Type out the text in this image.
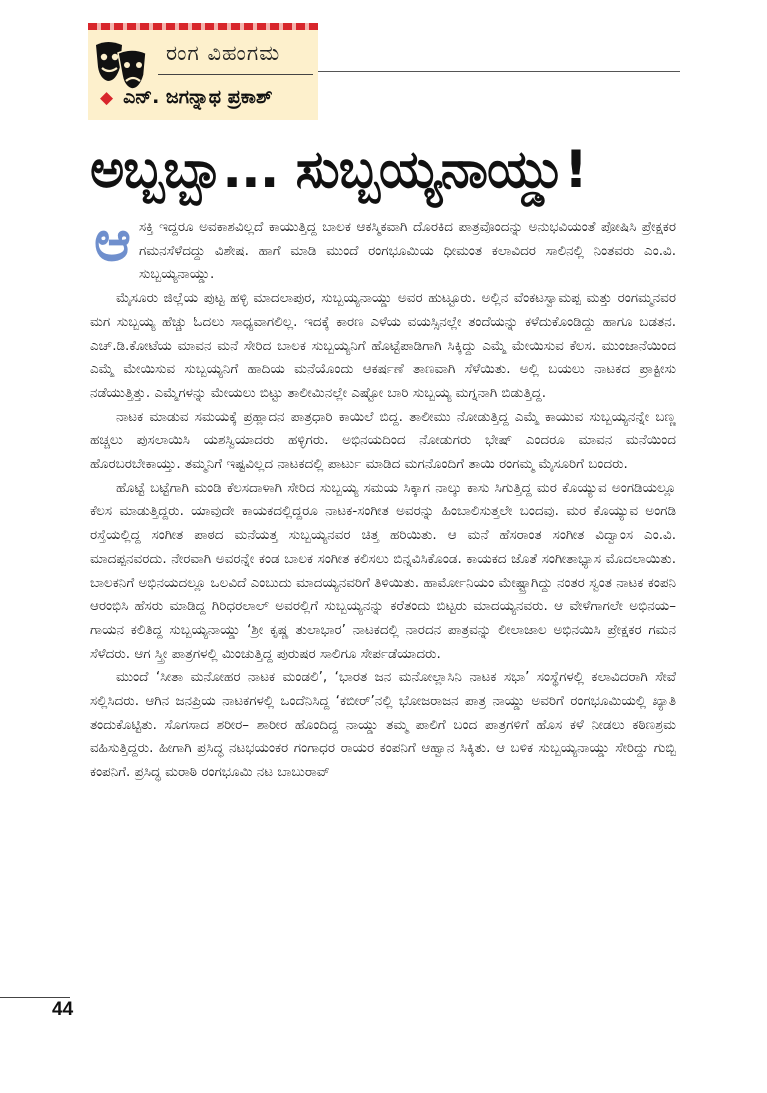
ರಂಗ ವಿಹಂಗಮ
◆ ಎನ್. ಜಗನ್ನಾಥ ಪ್ರಕಾಶ್
ಅಬ್ಬಬ್ಬಾ... ಸುಬ್ಬಯ್ಯನಾಯ್ಡು!

ಆ ಸಕ್ತಿ ಇದ್ದರೂ ಅವಕಾಶವಿಲ್ಲದೆ ಕಾಯುತ್ತಿದ್ದ ಬಾಲಕ ಆಕಸ್ಮಿಕವಾಗಿ ದೊರಕಿದ ಪಾತ್ರವೊಂದನ್ನು ಅನುಭವಿಯಂತೆ ಪೋಷಿಸಿ ಪ್ರೇಕ್ಷಕರ ಗಮನಸೆಳೆದದ್ದು ವಿಶೇಷ. ಹಾಗೆ ಮಾಡಿ ಮುಂದೆ ರಂಗಭೂಮಿಯ ಧೀಮಂತ ಕಲಾವಿದರ ಸಾಲಿನಲ್ಲಿ ನಿಂತವರು ಎಂ.ವಿ. ಸುಬ್ಬಯ್ಯನಾಯ್ಡು.

ಮೈಸೂರು ಜಿಲ್ಲೆಯ ಪುಟ್ಟ ಹಳ್ಳಿ ಮಾದಲಾಪುರ, ಸುಬ್ಬಯ್ಯನಾಯ್ಡು ಅವರ ಹುಟ್ಟೂರು. ಅಲ್ಲಿನ ವೆಂಕಟಸ್ವಾಮಪ್ಪ ಮತ್ತು ರಂಗಮ್ಮನವರ ಮಗ ಸುಬ್ಬಯ್ಯ ಹೆಚ್ಚು ಓದಲು ಸಾಧ್ಯವಾಗಲಿಲ್ಲ. ಇದಕ್ಕೆ ಕಾರಣ ಎಳೆಯ ವಯಸ್ಸಿನಲ್ಲೇ ತಂದೆಯನ್ನು ಕಳೆದುಕೊಂಡಿದ್ದು ಹಾಗೂ ಬಡತನ. ಎಚ್.ಡಿ.ಕೋಟೆಯ ಮಾವನ ಮನೆ ಸೇರಿದ ಬಾಲಕ ಸುಬ್ಬಯ್ಯನಿಗೆ ಹೊಟ್ಟೆಪಾಡಿಗಾಗಿ ಸಿಕ್ಕಿದ್ದು ಎಮ್ಮೆ ಮೇಯಿಸುವ ಕೆಲಸ. ಮುಂಜಾನೆಯಿಂದ ಎಮ್ಮೆ ಮೇಯಿಸುವ ಸುಬ್ಬಯ್ಯನಿಗೆ ಹಾದಿಯ ಮನೆಯೊಂದು ಆಕರ್ಷಣೆ ತಾಣವಾಗಿ ಸೆಳೆಯಿತು. ಅಲ್ಲಿ ಬಯಲು ನಾಟಕದ ಪ್ರಾಕ್ಟೀಸು ನಡೆಯುತ್ತಿತ್ತು. ಎಮ್ಮೆಗಳನ್ನು ಮೇಯಲು ಬಿಟ್ಟು ತಾಲೀಮಿನಲ್ಲೇ ಎಷ್ಟೋ ಬಾರಿ ಸುಬ್ಬಯ್ಯ ಮಗ್ನನಾಗಿ ಬಿಡುತ್ತಿದ್ದ.

ನಾಟಕ ಮಾಡುವ ಸಮಯಕ್ಕೆ ಪ್ರಹ್ಲಾದನ ಪಾತ್ರಧಾರಿ ಕಾಯಿಲೆ ಬಿದ್ದ. ತಾಲೀಮು ನೋಡುತ್ತಿದ್ದ ಎಮ್ಮೆ ಕಾಯುವ ಸುಬ್ಬಯ್ಯನನ್ನೇ ಬಣ್ಣ ಹಚ್ಚಲು ಪುಸಲಾಯಿಸಿ ಯಶಸ್ವಿಯಾದರು ಹಳ್ಳಿಗರು. ಅಭಿನಯದಿಂದ ನೋಡುಗರು ಭೇಷ್ ಎಂದರೂ ಮಾವನ ಮನೆಯಿಂದ ಹೊರಬರಬೇಕಾಯ್ತು. ತಮ್ಮನಿಗೆ ಇಷ್ಟವಿಲ್ಲದ ನಾಟಕದಲ್ಲಿ ಪಾರ್ಟು ಮಾಡಿದ ಮಗನೊಂದಿಗೆ ತಾಯಿ ರಂಗಮ್ಮ ಮೈಸೂರಿಗೆ ಬಂದರು.

ಹೊಟ್ಟೆ ಬಟ್ಟೆಗಾಗಿ ಮಂಡಿ ಕೆಲಸದಾಳಾಗಿ ಸೇರಿದ ಸುಬ್ಬಯ್ಯ ಸಮಯ ಸಿಕ್ಕಾಗ ನಾಲ್ಕು ಕಾಸು ಸಿಗುತ್ತಿದ್ದ ಮರ ಕೊಯ್ಯುವ ಅಂಗಡಿಯಲ್ಲೂ ಕೆಲಸ ಮಾಡುತ್ತಿದ್ದರು. ಯಾವುದೇ ಕಾಯಕದಲ್ಲಿದ್ದರೂ ನಾಟಕ-ಸಂಗೀತ ಅವರನ್ನು ಹಿಂಬಾಲಿಸುತ್ತಲೇ ಬಂದವು. ಮರ ಕೊಯ್ಯುವ ಅಂಗಡಿ ರಸ್ತೆಯಲ್ಲಿದ್ದ ಸಂಗೀತ ಪಾಠದ ಮನೆಯತ್ತ ಸುಬ್ಬಯ್ಯನವರ ಚಿತ್ತ ಹರಿಯಿತು. ಆ ಮನೆ ಹೆಸರಾಂತ ಸಂಗೀತ ವಿದ್ವಾಂಸ ಎಂ.ವಿ. ಮಾದಪ್ಪನವರದು. ನೇರವಾಗಿ ಅವರನ್ನೇ ಕಂಡ ಬಾಲಕ ಸಂಗೀತ ಕಲಿಸಲು ಬಿನ್ನವಿಸಿಕೊಂಡ. ಕಾಯಕದ ಜೊತೆ ಸಂಗೀತಾಭ್ಯಾಸ ಮೊದಲಾಯಿತು. ಬಾಲಕನಿಗೆ ಅಭಿನಯದಲ್ಲೂ ಒಲವಿದೆ ಎಂಬುದು ಮಾದಯ್ಯನವರಿಗೆ ತಿಳಿಯಿತು. ಹಾರ್ಮೋನಿಯಂ ಮೇಷ್ಟ್ರಾಗಿದ್ದು ನಂತರ ಸ್ವಂತ ನಾಟಕ ಕಂಪನಿ ಆರಂಭಿಸಿ ಹೆಸರು ಮಾಡಿದ್ದ ಗಿರಿಧರಲಾಲ್ ಅವರಲ್ಲಿಗೆ ಸುಬ್ಬಯ್ಯನನ್ನು ಕರೆತಂದು ಬಿಟ್ಟರು ಮಾದಯ್ಯನವರು. ಆ ವೇಳೆಗಾಗಲೇ ಅಭಿನಯ– ಗಾಯನ ಕಲಿತಿದ್ದ ಸುಬ್ಬಯ್ಯನಾಯ್ಡು ‘ಶ್ರೀ ಕೃಷ್ಣ ತುಲಾಭಾರ’ ನಾಟಕದಲ್ಲಿ ನಾರದನ ಪಾತ್ರವನ್ನು ಲೀಲಾಜಾಲ ಅಭಿನಯಿಸಿ ಪ್ರೇಕ್ಷಕರ ಗಮನ ಸೆಳೆದರು. ಆಗ ಸ್ತ್ರೀ ಪಾತ್ರಗಳಲ್ಲಿ ಮಿಂಚುತ್ತಿದ್ದ ಪುರುಷರ ಸಾಲಿಗೂ ಸೇರ್ಪಡೆಯಾದರು.

ಮುಂದೆ ‘ಸೀತಾ ಮನೋಹರ ನಾಟಕ ಮಂಡಲಿ’, ‘ಭಾರತ ಜನ ಮನೋಲ್ಲಾಸಿನಿ ನಾಟಕ ಸಭಾ’ ಸಂಸ್ಥೆಗಳಲ್ಲಿ ಕಲಾವಿದರಾಗಿ ಸೇವೆ ಸಲ್ಲಿಸಿದರು. ಆಗಿನ ಜನಪ್ರಿಯ ನಾಟಕಗಳಲ್ಲಿ ಒಂದೆನಿಸಿದ್ದ ‘ಕಬೀರ್’ನಲ್ಲಿ ಭೋಜರಾಜನ ಪಾತ್ರ ನಾಯ್ಡು ಅವರಿಗೆ ರಂಗಭೂಮಿಯಲ್ಲಿ ಖ್ಯಾತಿ ತಂದುಕೊಟ್ಟಿತು. ಸೊಗಸಾದ ಶರೀರ– ಶಾರೀರ ಹೊಂದಿದ್ದ ನಾಯ್ಡು ತಮ್ಮ ಪಾಲಿಗೆ ಬಂದ ಪಾತ್ರಗಳಿಗೆ ಹೊಸ ಕಳೆ ನೀಡಲು ಕಠಿಣಶ್ರಮ ವಹಿಸುತ್ತಿದ್ದರು. ಹೀಗಾಗಿ ಪ್ರಸಿದ್ಧ ನಟಭಯಂಕರ ಗಂಗಾಧರ ರಾಯರ ಕಂಪನಿಗೆ ಆಹ್ವಾನ ಸಿಕ್ಕಿತು. ಆ ಬಳಿಕ ಸುಬ್ಬಯ್ಯನಾಯ್ಡು ಸೇರಿದ್ದು ಗುಬ್ಬಿ ಕಂಪನಿಗೆ. ಪ್ರಸಿದ್ಧ ಮರಾಠಿ ರಂಗಭೂಮಿ ನಟ ಬಾಬುರಾವ್

44
